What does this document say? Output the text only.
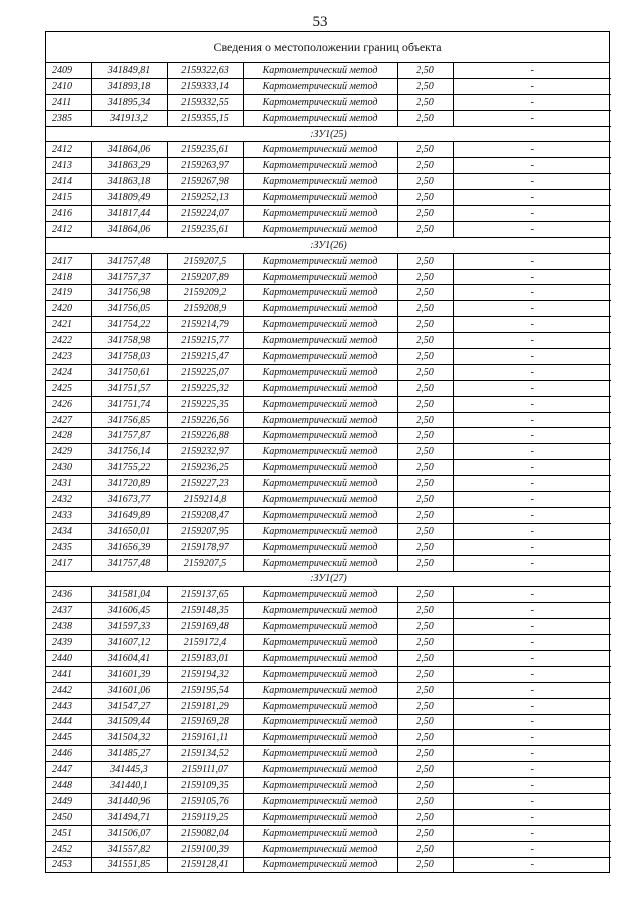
53
Сведения о местоположении границ объекта
2409	341849,81	2159322,63	Картометрический метод	2,50	-
2410	341893,18	2159333,14	Картометрический метод	2,50	-
2411	341895,34	2159332,55	Картометрический метод	2,50	-
2385	341913,2	2159355,15	Картометрический метод	2,50	-
:ЗУ1(25)					
2412	341864,06	2159235,61	Картометрический метод	2,50	-
2413	341863,29	2159263,97	Картометрический метод	2,50	-
2414	341863,18	2159267,98	Картометрический метод	2,50	-
2415	341809,49	2159252,13	Картометрический метод	2,50	-
2416	341817,44	2159224,07	Картометрический метод	2,50	-
2412	341864,06	2159235,61	Картометрический метод	2,50	-
:ЗУ1(26)					
2417	341757,48	2159207,5	Картометрический метод	2,50	-
2418	341757,37	2159207,89	Картометрический метод	2,50	-
2419	341756,98	2159209,2	Картометрический метод	2,50	-
2420	341756,05	2159208,9	Картометрический метод	2,50	-
2421	341754,22	2159214,79	Картометрический метод	2,50	-
2422	341758,98	2159215,77	Картометрический метод	2,50	-
2423	341758,03	2159215,47	Картометрический метод	2,50	-
2424	341750,61	2159225,07	Картометрический метод	2,50	-
2425	341751,57	2159225,32	Картометрический метод	2,50	-
2426	341751,74	2159225,35	Картометрический метод	2,50	-
2427	341756,85	2159226,56	Картометрический метод	2,50	-
2428	341757,87	2159226,88	Картометрический метод	2,50	-
2429	341756,14	2159232,97	Картометрический метод	2,50	-
2430	341755,22	2159236,25	Картометрический метод	2,50	-
2431	341720,89	2159227,23	Картометрический метод	2,50	-
2432	341673,77	2159214,8	Картометрический метод	2,50	-
2433	341649,89	2159208,47	Картометрический метод	2,50	-
2434	341650,01	2159207,95	Картометрический метод	2,50	-
2435	341656,39	2159178,97	Картометрический метод	2,50	-
2417	341757,48	2159207,5	Картометрический метод	2,50	-
:ЗУ1(27)					
2436	341581,04	2159137,65	Картометрический метод	2,50	-
2437	341606,45	2159148,35	Картометрический метод	2,50	-
2438	341597,33	2159169,48	Картометрический метод	2,50	-
2439	341607,12	2159172,4	Картометрический метод	2,50	-
2440	341604,41	2159183,01	Картометрический метод	2,50	-
2441	341601,39	2159194,32	Картометрический метод	2,50	-
2442	341601,06	2159195,54	Картометрический метод	2,50	-
2443	341547,27	2159181,29	Картометрический метод	2,50	-
2444	341509,44	2159169,28	Картометрический метод	2,50	-
2445	341504,32	2159161,11	Картометрический метод	2,50	-
2446	341485,27	2159134,52	Картометрический метод	2,50	-
2447	341445,3	2159111,07	Картометрический метод	2,50	-
2448	341440,1	2159109,35	Картометрический метод	2,50	-
2449	341440,96	2159105,76	Картометрический метод	2,50	-
2450	341494,71	2159119,25	Картометрический метод	2,50	-
2451	341506,07	2159082,04	Картометрический метод	2,50	-
2452	341557,82	2159100,39	Картометрический метод	2,50	-
2453	341551,85	2159128,41	Картометрический метод	2,50	-
